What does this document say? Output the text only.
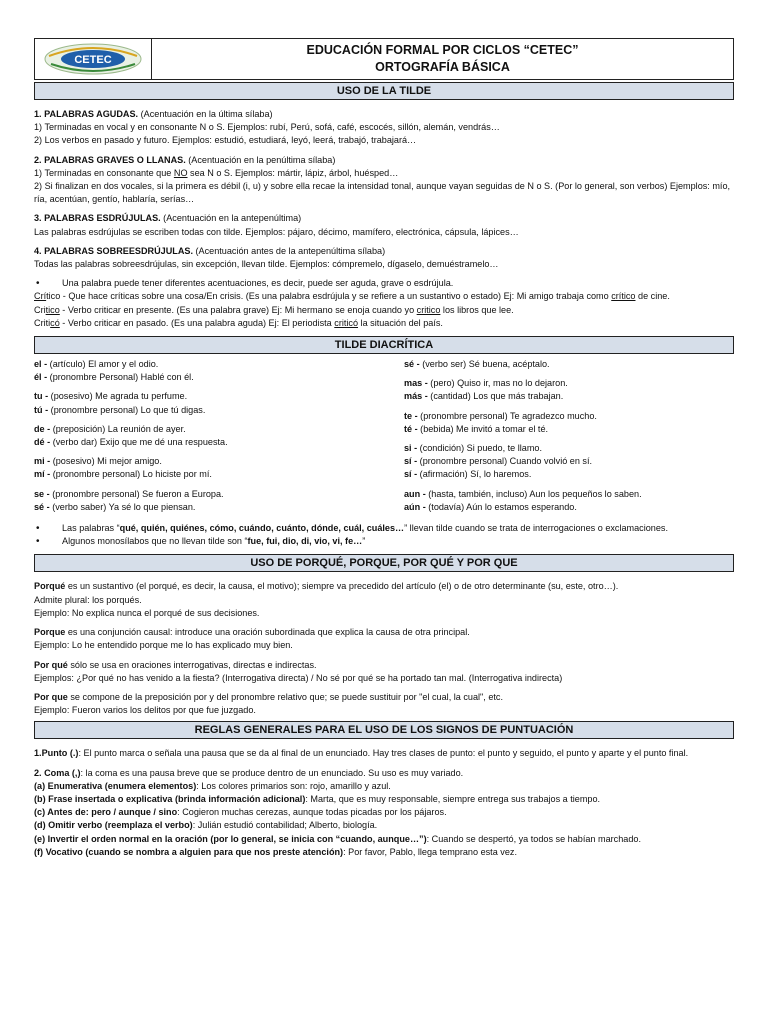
CETEC
EDUCACIÓN FORMAL POR CICLOS “CETEC”
ORTOGRAFÍA BÁSICA
USO DE LA TILDE
1. PALABRAS AGUDAS. (Acentuación en la última sílaba)
1) Terminadas en vocal y en consonante N o S. Ejemplos: rubí, Perú, sofá, café, escocés, sillón, alemán, vendrás…
2) Los verbos en pasado y futuro. Ejemplos: estudió, estudiará, leyó, leerá, trabajó, trabajará…
2. PALABRAS GRAVES O LLANAS. (Acentuación en la penúltima sílaba)
1) Terminadas en consonante que NO sea N o S. Ejemplos: mártir, lápiz, árbol, huésped…
2) Si finalizan en dos vocales, si la primera es débil (i, u) y sobre ella recae la intensidad tonal, aunque vayan seguidas de N o S. (Por lo general, son verbos) Ejemplos: mío, ría, acentúan, gentío, hablaría, serías…
3. PALABRAS ESDRÚJULAS. (Acentuación en la antepenúltima)
Las palabras esdrújulas se escriben todas con tilde. Ejemplos: pájaro, décimo, mamífero, electrónica, cápsula, lápices…
4. PALABRAS SOBREESDRÚJULAS. (Acentuación antes de la antepenúltima sílaba)
Todas las palabras sobreesdrújulas, sin excepción, llevan tilde. Ejemplos: cómpremelo, dígaselo, demuéstramelo…
• Una palabra puede tener diferentes acentuaciones, es decir, puede ser aguda, grave o esdrújula.
Crítico - Que hace críticas sobre una cosa/En crisis. (Es una palabra esdrújula y se refiere a un sustantivo o estado) Ej: Mi amigo trabaja como crítico de cine.
Critico - Verbo criticar en presente. (Es una palabra grave) Ej: Mi hermano se enoja cuando yo critico los libros que lee.
Criticó - Verbo criticar en pasado. (Es una palabra aguda) Ej: El periodista criticó la situación del país.
TILDE DIACRÍTICA
el - (artículo) El amor y el odio.
él - (pronombre Personal) Hablé con él.
tu - (posesivo) Me agrada tu perfume.
tú - (pronombre personal) Lo que tú digas.
de - (preposición) La reunión de ayer.
dé - (verbo dar) Exijo que me dé una respuesta.
mi - (posesivo) Mi mejor amigo.
mí - (pronombre personal) Lo hiciste por mí.
se - (pronombre personal) Se fueron a Europa.
sé - (verbo saber) Ya sé lo que piensan.
sé - (verbo ser) Sé buena, acéptalo.
mas - (pero) Quiso ir, mas no lo dejaron.
más - (cantidad) Los que más trabajan.
te - (pronombre personal) Te agradezco mucho.
té - (bebida) Me invitó a tomar el té.
si - (condición) Si puedo, te llamo.
sí - (pronombre personal) Cuando volvió en sí.
sí - (afirmación) Sí, lo haremos.
aun - (hasta, también, incluso) Aun los pequeños lo saben.
aún - (todavía) Aún lo estamos esperando.
• Las palabras “qué, quién, quiénes, cómo, cuándo, cuánto, dónde, cuál, cuáles…” llevan tilde cuando se trata de interrogaciones o exclamaciones.
• Algunos monosílabos que no llevan tilde son “fue, fui, dio, di, vio, vi, fe…”
USO DE PORQUÉ, PORQUE, POR QUÉ Y POR QUE
Porqué es un sustantivo (el porqué, es decir, la causa, el motivo); siempre va precedido del artículo (el) o de otro determinante (su, este, otro…).
Admite plural: los porqués.
Ejemplo: No explica nunca el porqué de sus decisiones.
Porque es una conjunción causal: introduce una oración subordinada que explica la causa de otra principal.
Ejemplo: Lo he entendido porque me lo has explicado muy bien.
Por qué sólo se usa en oraciones interrogativas, directas e indirectas.
Ejemplos: ¿Por qué no has venido a la fiesta? (Interrogativa directa) / No sé por qué se ha portado tan mal. (Interrogativa indirecta)
Por que se compone de la preposición por y del pronombre relativo que; se puede sustituir por "el cual, la cual", etc.
Ejemplo: Fueron varios los delitos por que fue juzgado.
REGLAS GENERALES PARA EL USO DE LOS SIGNOS DE PUNTUACIÓN
1.Punto (.): El punto marca o señala una pausa que se da al final de un enunciado. Hay tres clases de punto: el punto y seguido, el punto y aparte y el punto final.
2. Coma (,): la coma es una pausa breve que se produce dentro de un enunciado. Su uso es muy variado.
(a) Enumerativa (enumera elementos): Los colores primarios son: rojo, amarillo y azul.
(b) Frase insertada o explicativa (brinda información adicional): Marta, que es muy responsable, siempre entrega sus trabajos a tiempo.
(c) Antes de: pero / aunque / sino: Cogieron muchas cerezas, aunque todas picadas por los pájaros.
(d) Omitir verbo (reemplaza el verbo): Julián estudió contabilidad; Alberto, biología.
(e) Invertir el orden normal en la oración (por lo general, se inicia con “cuando, aunque…”): Cuando se despertó, ya todos se habían marchado.
(f) Vocativo (cuando se nombra a alguien para que nos preste atención): Por favor, Pablo, llega temprano esta vez.
